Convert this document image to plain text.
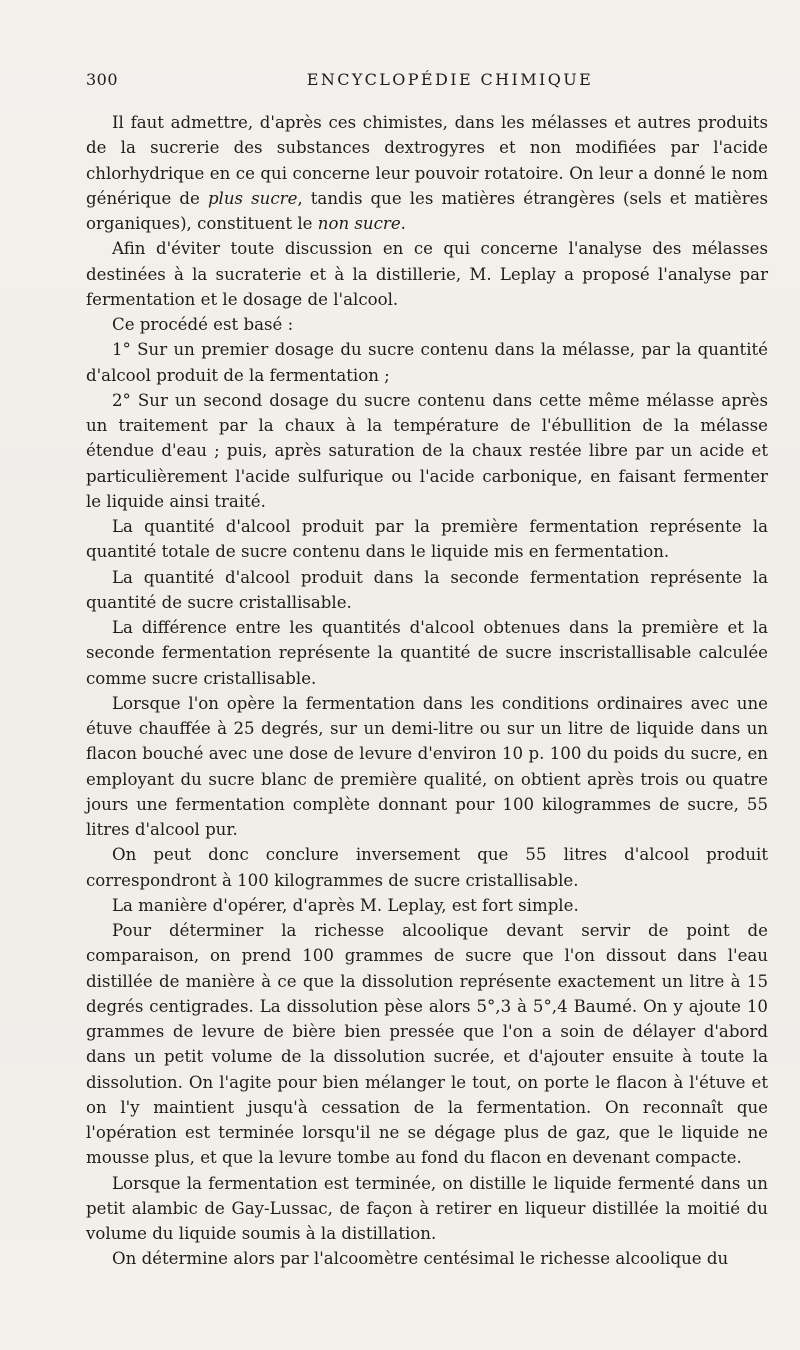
300	ENCYCLOPÉDIE CHIMIQUE

Il faut admettre, d'après ces chimistes, dans les mélasses et autres produits de la sucrerie des substances dextrogyres et non modifiées par l'acide chlorhydrique en ce qui concerne leur pouvoir rotatoire. On leur a donné le nom générique de plus sucre, tandis que les matières étrangères (sels et matières organiques), constituent le non sucre.

Afin d'éviter toute discussion en ce qui concerne l'analyse des mélasses destinées à la sucraterie et à la distillerie, M. Leplay a proposé l'analyse par fermentation et le dosage de l'alcool.

Ce procédé est basé :

1° Sur un premier dosage du sucre contenu dans la mélasse, par la quantité d'alcool produit de la fermentation ;

2° Sur un second dosage du sucre contenu dans cette même mélasse après un traitement par la chaux à la température de l'ébullition de la mélasse étendue d'eau ; puis, après saturation de la chaux restée libre par un acide et particulièrement l'acide sulfurique ou l'acide carbonique, en faisant fermenter le liquide ainsi traité.

La quantité d'alcool produit par la première fermentation représente la quantité totale de sucre contenu dans le liquide mis en fermentation.

La quantité d'alcool produit dans la seconde fermentation représente la quantité de sucre cristallisable.

La différence entre les quantités d'alcool obtenues dans la première et la seconde fermentation représente la quantité de sucre inscristallisable calculée comme sucre cristallisable.

Lorsque l'on opère la fermentation dans les conditions ordinaires avec une étuve chauffée à 25 degrés, sur un demi-litre ou sur un litre de liquide dans un flacon bouché avec une dose de levure d'environ 10 p. 100 du poids du sucre, en employant du sucre blanc de première qualité, on obtient après trois ou quatre jours une fermentation complète donnant pour 100 kilogrammes de sucre, 55 litres d'alcool pur.

On peut donc conclure inversement que 55 litres d'alcool produit correspondront à 100 kilogrammes de sucre cristallisable.

La manière d'opérer, d'après M. Leplay, est fort simple.

Pour déterminer la richesse alcoolique devant servir de point de comparaison, on prend 100 grammes de sucre que l'on dissout dans l'eau distillée de manière à ce que la dissolution représente exactement un litre à 15 degrés centigrades. La dissolution pèse alors 5°,3 à 5°,4 Baumé. On y ajoute 10 grammes de levure de bière bien pressée que l'on a soin de délayer d'abord dans un petit volume de la dissolution sucrée, et d'ajouter ensuite à toute la dissolution. On l'agite pour bien mélanger le tout, on porte le flacon à l'étuve et on l'y maintient jusqu'à cessation de la fermentation. On reconnaît que l'opération est terminée lorsqu'il ne se dégage plus de gaz, que le liquide ne mousse plus, et que la levure tombe au fond du flacon en devenant compacte.

Lorsque la fermentation est terminée, on distille le liquide fermenté dans un petit alambic de Gay-Lussac, de façon à retirer en liqueur distillée la moitié du volume du liquide soumis à la distillation.

On détermine alors par l'alcoomètre centésimal le richesse alcoolique du
